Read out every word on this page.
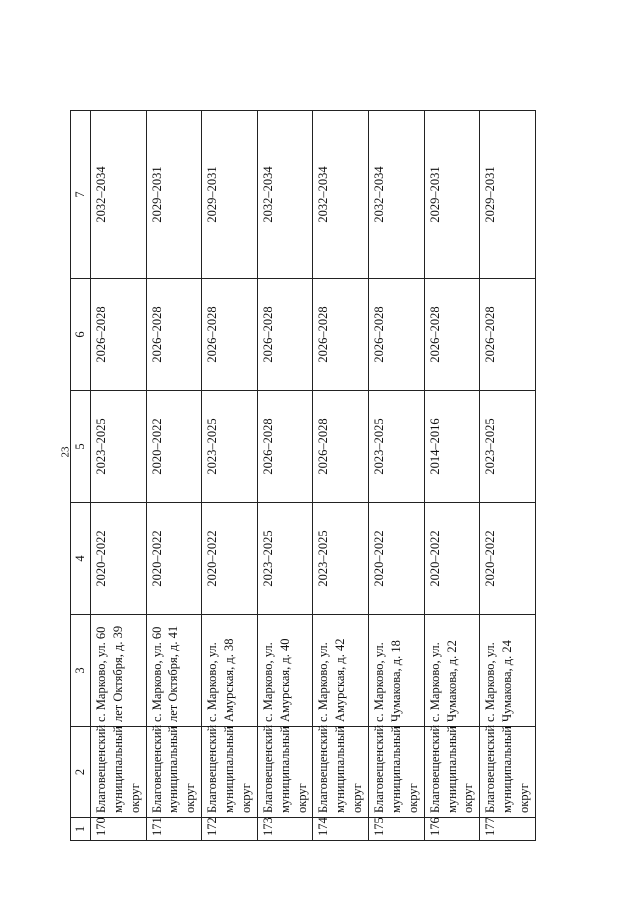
23
1	2	3	4	5	6	7
170	Благовещенский муниципальный округ	с. Марково, ул. 60 лет Октября, д. 39	2020–2022	2023–2025	2026–2028	2032–2034
171	Благовещенский муниципальный округ	с. Марково, ул. 60 лет Октября, д. 41	2020–2022	2020–2022	2026–2028	2029–2031
172	Благовещенский муниципальный округ	с. Марково, ул. Амурская, д. 38	2020–2022	2023–2025	2026–2028	2029–2031
173	Благовещенский муниципальный округ	с. Марково, ул. Амурская, д. 40	2023–2025	2026–2028	2026–2028	2032–2034
174	Благовещенский муниципальный округ	с. Марково, ул. Амурская, д. 42	2023–2025	2026–2028	2026–2028	2032–2034
175	Благовещенский муниципальный округ	с. Марково, ул. Чумакова, д. 18	2020–2022	2023–2025	2026–2028	2032–2034
176	Благовещенский муниципальный округ	с. Марково, ул. Чумакова, д. 22	2020–2022	2014–2016	2026–2028	2029–2031
177	Благовещенский муниципальный округ	с. Марково, ул. Чумакова, д. 24	2020–2022	2023–2025	2026–2028	2029–2031
